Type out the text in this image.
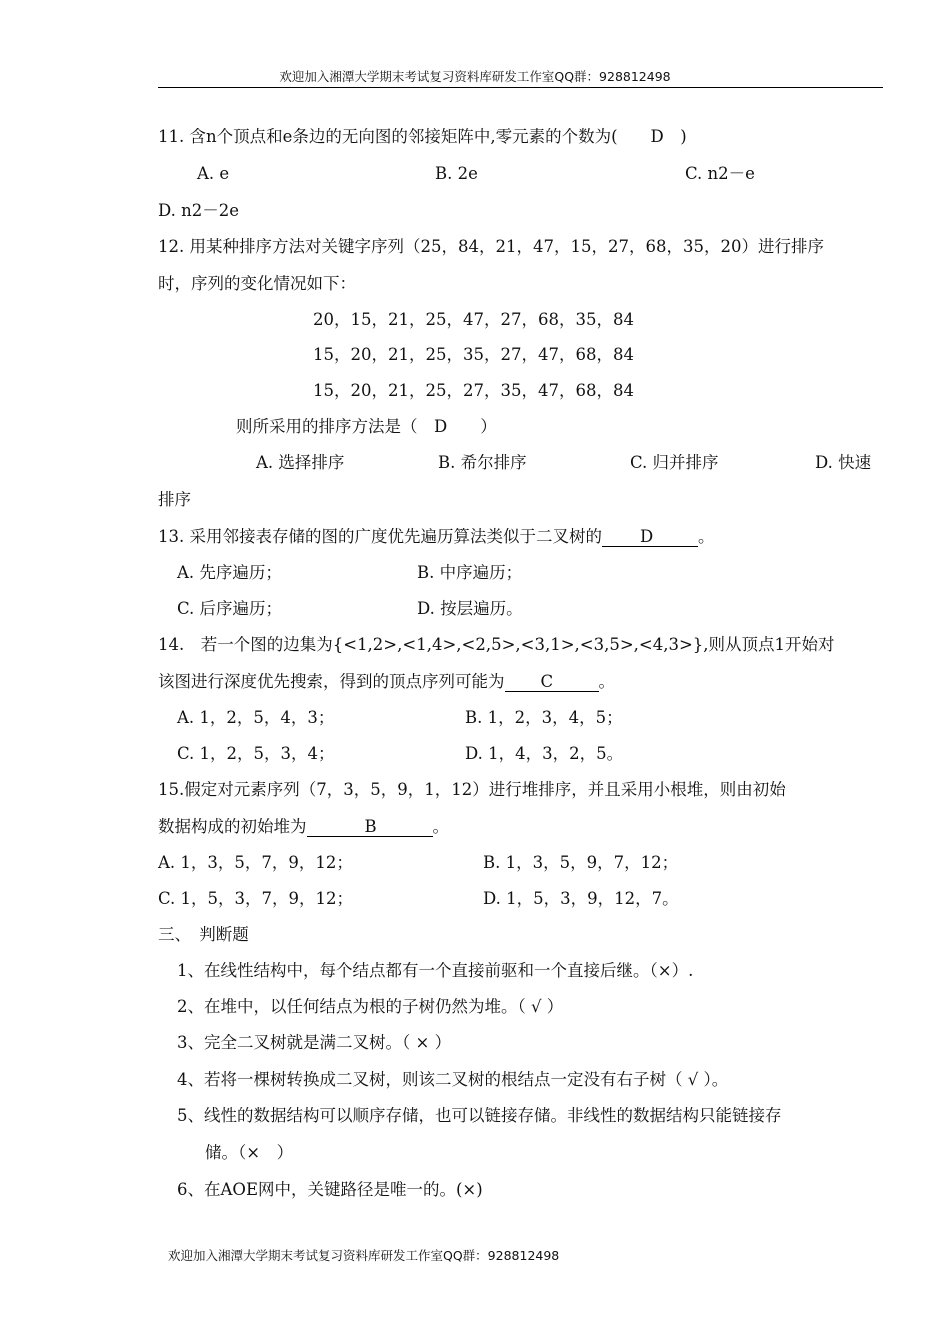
欢迎加入湘潭大学期末考试复习资料库研发工作室QQ群：928812498
11. 含n个顶点和e条边的无向图的邻接矩阵中,零元素的个数为(　　D　)
A. e	B. 2e	C. n2－e
D. n2－2e
12. 用某种排序方法对关键字序列（25，84，21，47，15，27，68，35，20）进行排序
时，序列的变化情况如下：
20，15，21，25，47，27，68，35，84
15，20，21，25，35，27，47，68，84
15，20，21，25，27，35，47，68，84
则所采用的排序方法是（　D　　）
A. 选择排序	B. 希尔排序	C. 归并排序	D. 快速
排序
13. 采用邻接表存储的图的广度优先遍历算法类似于二叉树的 D	。
A. 先序遍历；	B. 中序遍历；
C. 后序遍历；	D. 按层遍历。
14.　若一个图的边集为{<1,2>,<1,4>,<2,5>,<3,1>,<3,5>,<4,3>},则从顶点1开始对
该图进行深度优先搜索，得到的顶点序列可能为 C	。
A. 1，2，5，4，3；	B. 1，2，3，4，5；
C. 1，2，5，3，4；	D. 1，4，3，2，5。
15.假定对元素序列（7，3，5，9，1，12）进行堆排序，并且采用小根堆，则由初始
数据构成的初始堆为	B	。
A. 1，3，5，7，9，12；	B. 1，3，5，9，7，12；
C. 1，5，3，7，9，12；	D. 1，5，3，9，12，7。
三、　判断题
1、在线性结构中，每个结点都有一个直接前驱和一个直接后继。（×）.
2、在堆中，以任何结点为根的子树仍然为堆。（ √ ）
3、完全二叉树就是满二叉树。（ × ）
4、若将一棵树转换成二叉树，则该二叉树的根结点一定没有右子树（ √ ）。
5、线性的数据结构可以顺序存储，也可以链接存储。非线性的数据结构只能链接存
储。（×　）
6、在AOE网中，关键路径是唯一的。(×)
欢迎加入湘潭大学期末考试复习资料库研发工作室QQ群：928812498
